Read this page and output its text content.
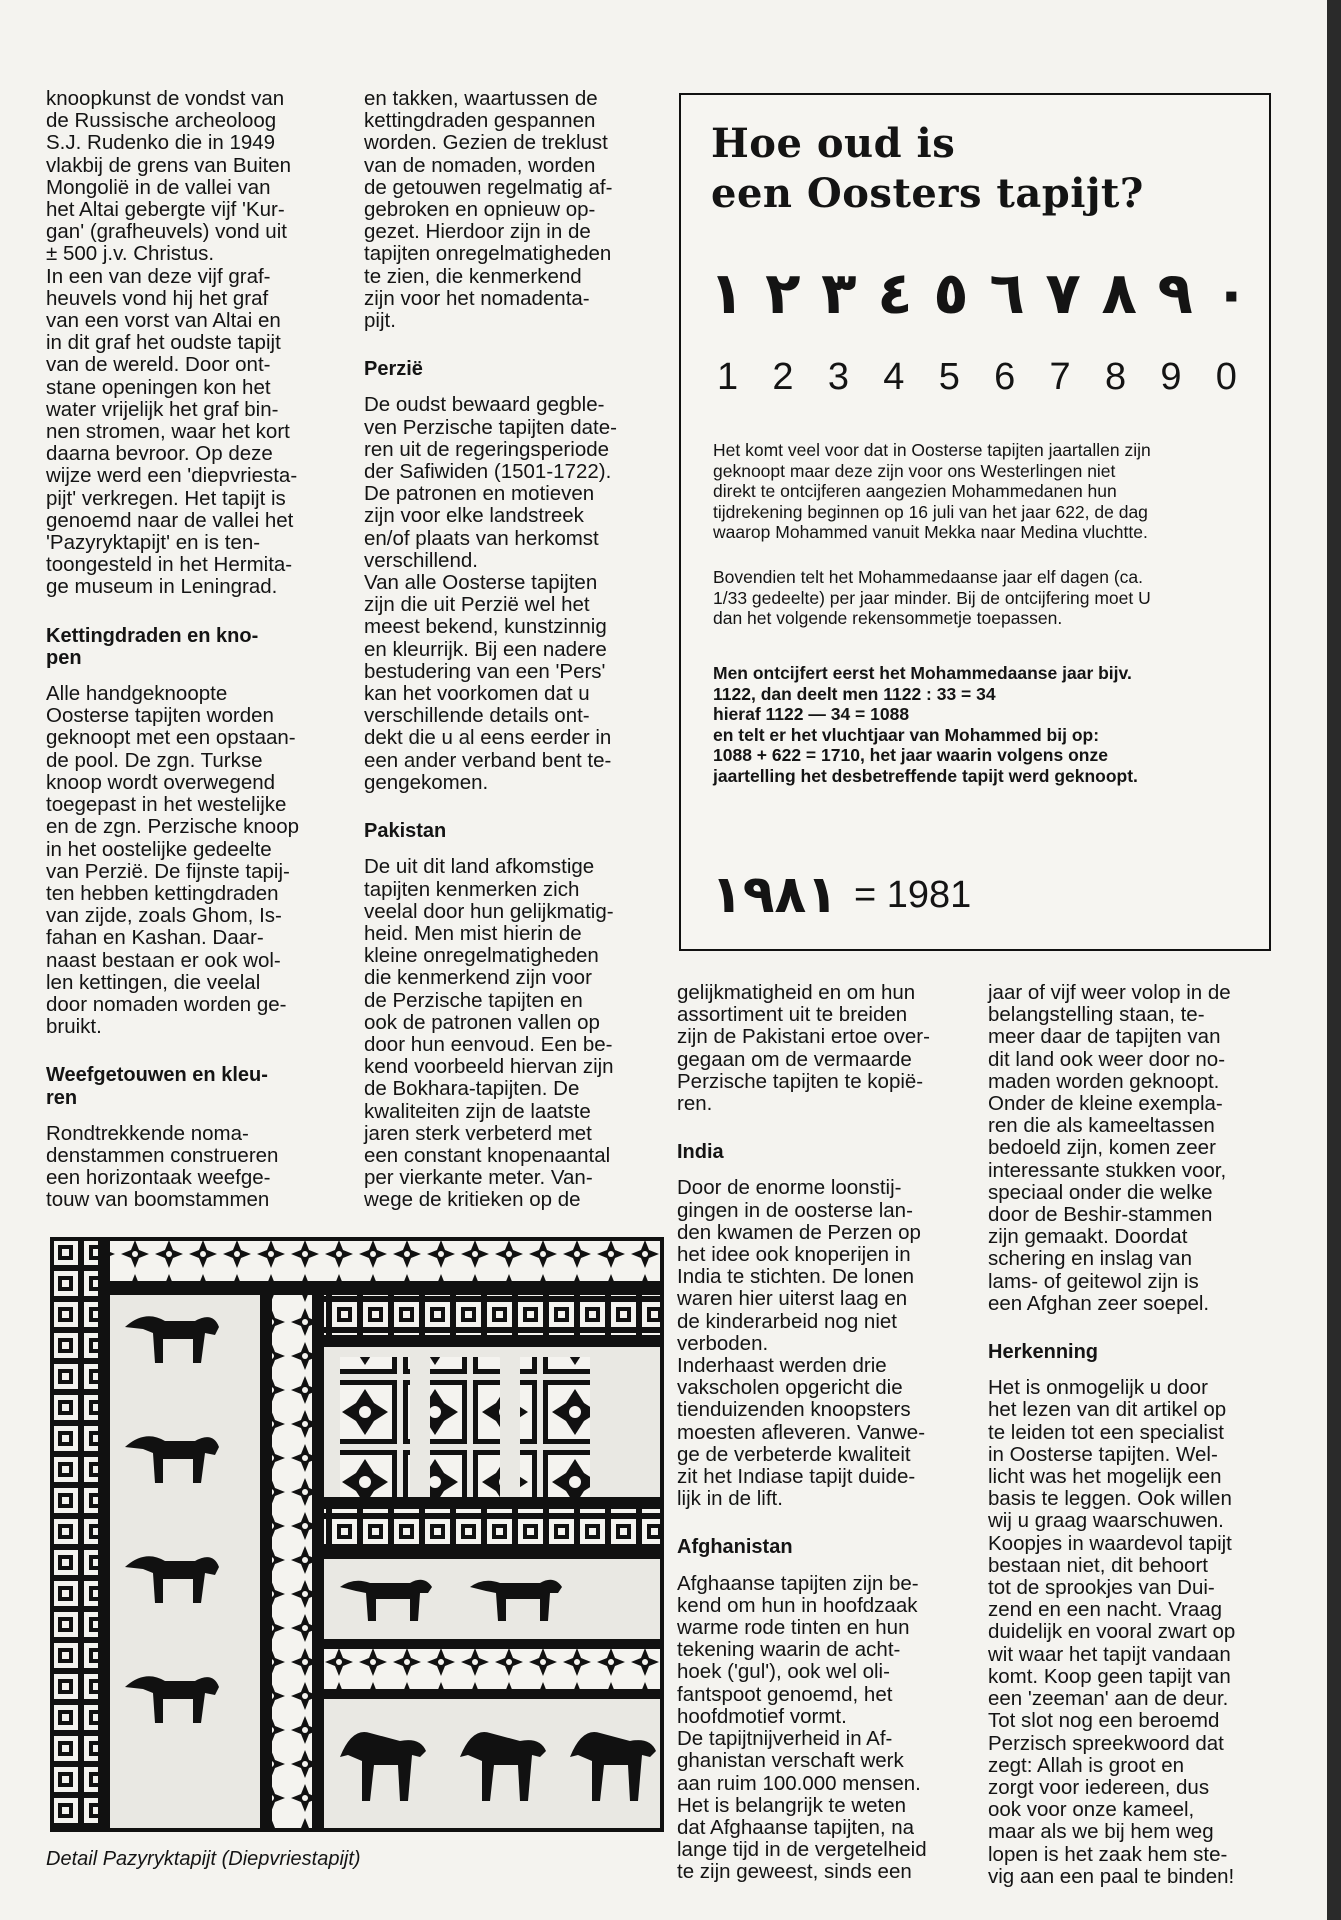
knoopkunst de vondst van
de Russische archeoloog
S.J. Rudenko die in 1949
vlakbij de grens van Buiten
Mongolië in de vallei van
het Altai gebergte vijf 'Kur-
gan' (grafheuvels) vond uit
± 500 j.v. Christus.
In een van deze vijf graf-
heuvels vond hij het graf
van een vorst van Altai en
in dit graf het oudste tapijt
van de wereld. Door ont-
stane openingen kon het
water vrijelijk het graf bin-
nen stromen, waar het kort
daarna bevroor. Op deze
wijze werd een 'diepvriesta-
pijt' verkregen. Het tapijt is
genoemd naar de vallei het
'Pazyryktapijt' en is ten-
toongesteld in het Hermita-
ge museum in Leningrad.

Kettingdraden en kno-
pen

Alle handgeknoopte
Oosterse tapijten worden
geknoopt met een opstaan-
de pool. De zgn. Turkse
knoop wordt overwegend
toegepast in het westelijke
en de zgn. Perzische knoop
in het oostelijke gedeelte
van Perzië. De fijnste tapij-
ten hebben kettingdraden
van zijde, zoals Ghom, Is-
fahan en Kashan. Daar-
naast bestaan er ook wol-
len kettingen, die veelal
door nomaden worden ge-
bruikt.

Weefgetouwen en kleu-
ren

Rondtrekkende noma-
denstammen construeren
een horizontaak weefge-
touw van boomstammen

en takken, waartussen de
kettingdraden gespannen
worden. Gezien de treklust
van de nomaden, worden
de getouwen regelmatig af-
gebroken en opnieuw op-
gezet. Hierdoor zijn in de
tapijten onregelmatigheden
te zien, die kenmerkend
zijn voor het nomadenta-
pijt.

Perzië

De oudst bewaard gegble-
ven Perzische tapijten date-
ren uit de regeringsperiode
der Safiwiden (1501-1722).
De patronen en motieven
zijn voor elke landstreek
en/of plaats van herkomst
verschillend.
Van alle Oosterse tapijten
zijn die uit Perzië wel het
meest bekend, kunstzinnig
en kleurrijk. Bij een nadere
bestudering van een 'Pers'
kan het voorkomen dat u
verschillende details ont-
dekt die u al eens eerder in
een ander verband bent te-
gengekomen.

Pakistan

De uit dit land afkomstige
tapijten kenmerken zich
veelal door hun gelijkmatig-
heid. Men mist hierin de
kleine onregelmatigheden
die kenmerkend zijn voor
de Perzische tapijten en
ook de patronen vallen op
door hun eenvoud. Een be-
kend voorbeeld hiervan zijn
de Bokhara-tapijten. De
kwaliteiten zijn de laatste
jaren sterk verbeterd met
een constant knopenaantal
per vierkante meter. Van-
wege de kritieken op de

Hoe oud is
een Oosters tapijt?
١ ٢ ٣ ٤ ٥ ٦ ٧ ٨ ٩ ٠
1 2 3 4 5 6 7 8 9 0

Het komt veel voor dat in Oosterse tapijten jaartallen zijn
geknoopt maar deze zijn voor ons Westerlingen niet
direkt te ontcijferen aangezien Mohammedanen hun
tijdrekening beginnen op 16 juli van het jaar 622, de dag
waarop Mohammed vanuit Mekka naar Medina vluchtte.

Bovendien telt het Mohammedaanse jaar elf dagen (ca.
1/33 gedeelte) per jaar minder. Bij de ontcijfering moet U
dan het volgende rekensommetje toepassen.

Men ontcijfert eerst het Mohammedaanse jaar bijv.
1122, dan deelt men 1122 : 33 = 34
hieraf 1122 — 34 = 1088
en telt er het vluchtjaar van Mohammed bij op:
1088 + 622 = 1710, het jaar waarin volgens onze
jaartelling het desbetreffende tapijt werd geknoopt.

١٩٨١ = 1981

gelijkmatigheid en om hun
assortiment uit te breiden
zijn de Pakistani ertoe over-
gegaan om de vermaarde
Perzische tapijten te kopië-
ren.

India

Door de enorme loonstij-
gingen in de oosterse lan-
den kwamen de Perzen op
het idee ook knoperijen in
India te stichten. De lonen
waren hier uiterst laag en
de kinderarbeid nog niet
verboden.
Inderhaast werden drie
vakscholen opgericht die
tienduizenden knoopsters
moesten afleveren. Vanwe-
ge de verbeterde kwaliteit
zit het Indiase tapijt duide-
lijk in de lift.

Afghanistan

Afghaanse tapijten zijn be-
kend om hun in hoofdzaak
warme rode tinten en hun
tekening waarin de acht-
hoek ('gul'), ook wel oli-
fantspoot genoemd, het
hoofdmotief vormt.
De tapijtnijverheid in Af-
ghanistan verschaft werk
aan ruim 100.000 mensen.
Het is belangrijk te weten
dat Afghaanse tapijten, na
lange tijd in de vergetelheid
te zijn geweest, sinds een

jaar of vijf weer volop in de
belangstelling staan, te-
meer daar de tapijten van
dit land ook weer door no-
maden worden geknoopt.
Onder de kleine exempla-
ren die als kameeltassen
bedoeld zijn, komen zeer
interessante stukken voor,
speciaal onder die welke
door de Beshir-stammen
zijn gemaakt. Doordat
schering en inslag van
lams- of geitewol zijn is
een Afghan zeer soepel.

Herkenning

Het is onmogelijk u door
het lezen van dit artikel op
te leiden tot een specialist
in Oosterse tapijten. Wel-
licht was het mogelijk een
basis te leggen. Ook willen
wij u graag waarschuwen.
Koopjes in waardevol tapijt
bestaan niet, dit behoort
tot de sprookjes van Dui-
zend en een nacht. Vraag
duidelijk en vooral zwart op
wit waar het tapijt vandaan
komt. Koop geen tapijt van
een 'zeeman' aan de deur.
Tot slot nog een beroemd
Perzisch spreekwoord dat
zegt: Allah is groot en
zorgt voor iedereen, dus
ook voor onze kameel,
maar als we bij hem weg
lopen is het zaak hem ste-
vig aan een paal te binden!

Detail Pazyryktapijt (Diepvriestapijt)
